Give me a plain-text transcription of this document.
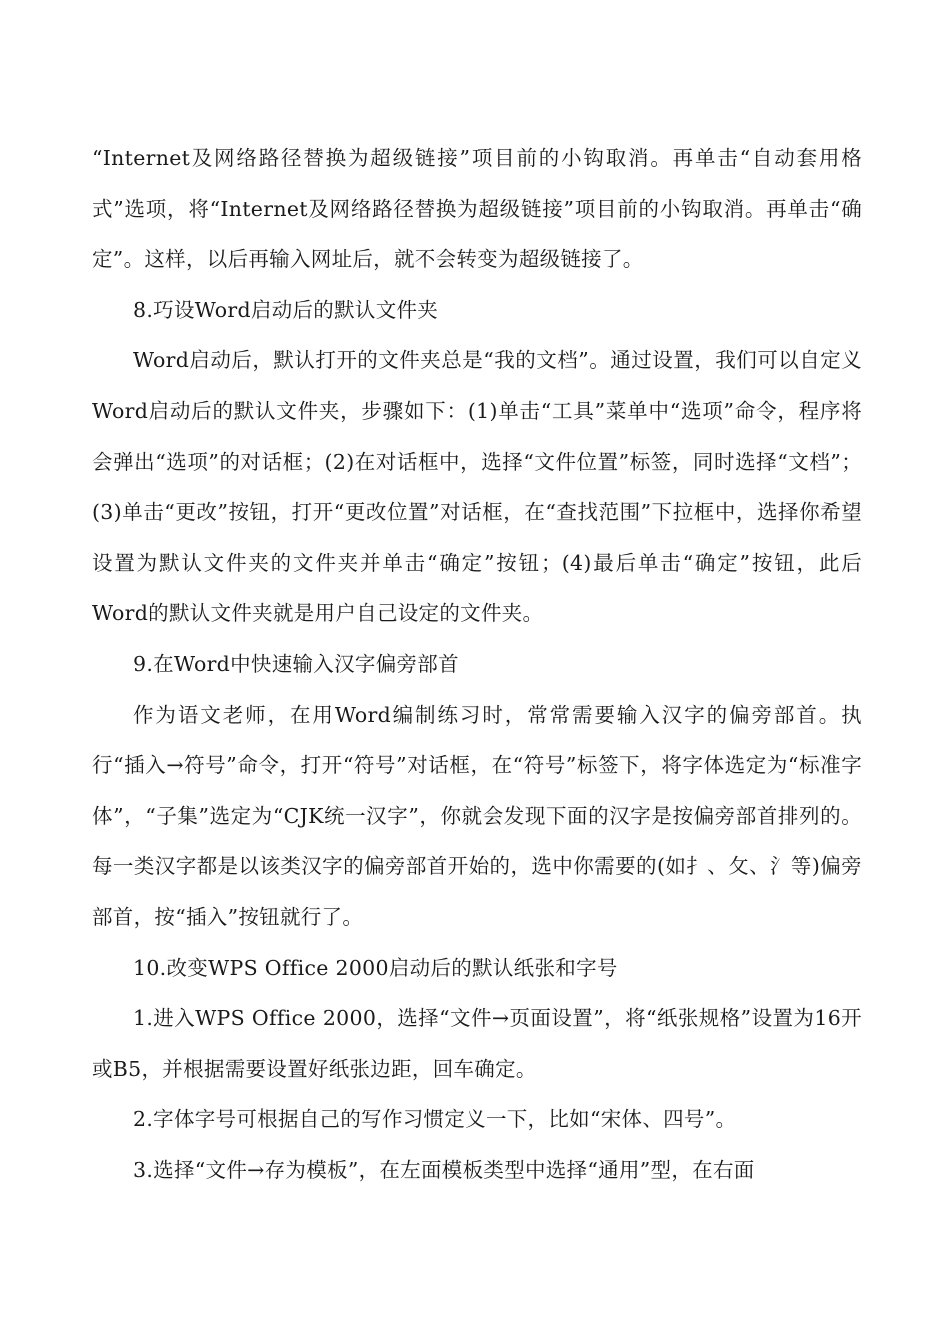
“Internet及网络路径替换为超级链接”项目前的小钩取消。再单击“自动套用格式”选项，将“Internet及网络路径替换为超级链接”项目前的小钩取消。再单击“确定”。这样，以后再输入网址后，就不会转变为超级链接了。

8.巧设Word启动后的默认文件夹

Word启动后，默认打开的文件夹总是“我的文档”。通过设置，我们可以自定义Word启动后的默认文件夹，步骤如下：(1)单击“工具”菜单中“选项”命令，程序将会弹出“选项”的对话框；(2)在对话框中，选择“文件位置”标签，同时选择“文档”；(3)单击“更改”按钮，打开“更改位置”对话框，在“查找范围”下拉框中，选择你希望设置为默认文件夹的文件夹并单击“确定”按钮；(4)最后单击“确定”按钮，此后Word的默认文件夹就是用户自己设定的文件夹。

9.在Word中快速输入汉字偏旁部首

作为语文老师，在用Word编制练习时，常常需要输入汉字的偏旁部首。执行“插入→符号”命令，打开“符号”对话框，在“符号”标签下，将字体选定为“标准字体”，“子集”选定为“CJK统一汉字”，你就会发现下面的汉字是按偏旁部首排列的。每一类汉字都是以该类汉字的偏旁部首开始的，选中你需要的(如扌、攵、氵等)偏旁部首，按“插入”按钮就行了。

10.改变WPS Office 2000启动后的默认纸张和字号

1.进入WPS Office 2000，选择“文件→页面设置”，将“纸张规格”设置为16开或B5，并根据需要设置好纸张边距，回车确定。

2.字体字号可根据自己的写作习惯定义一下，比如“宋体、四号”。

3.选择“文件→存为模板”，在左面模板类型中选择“通用”型，在右面
